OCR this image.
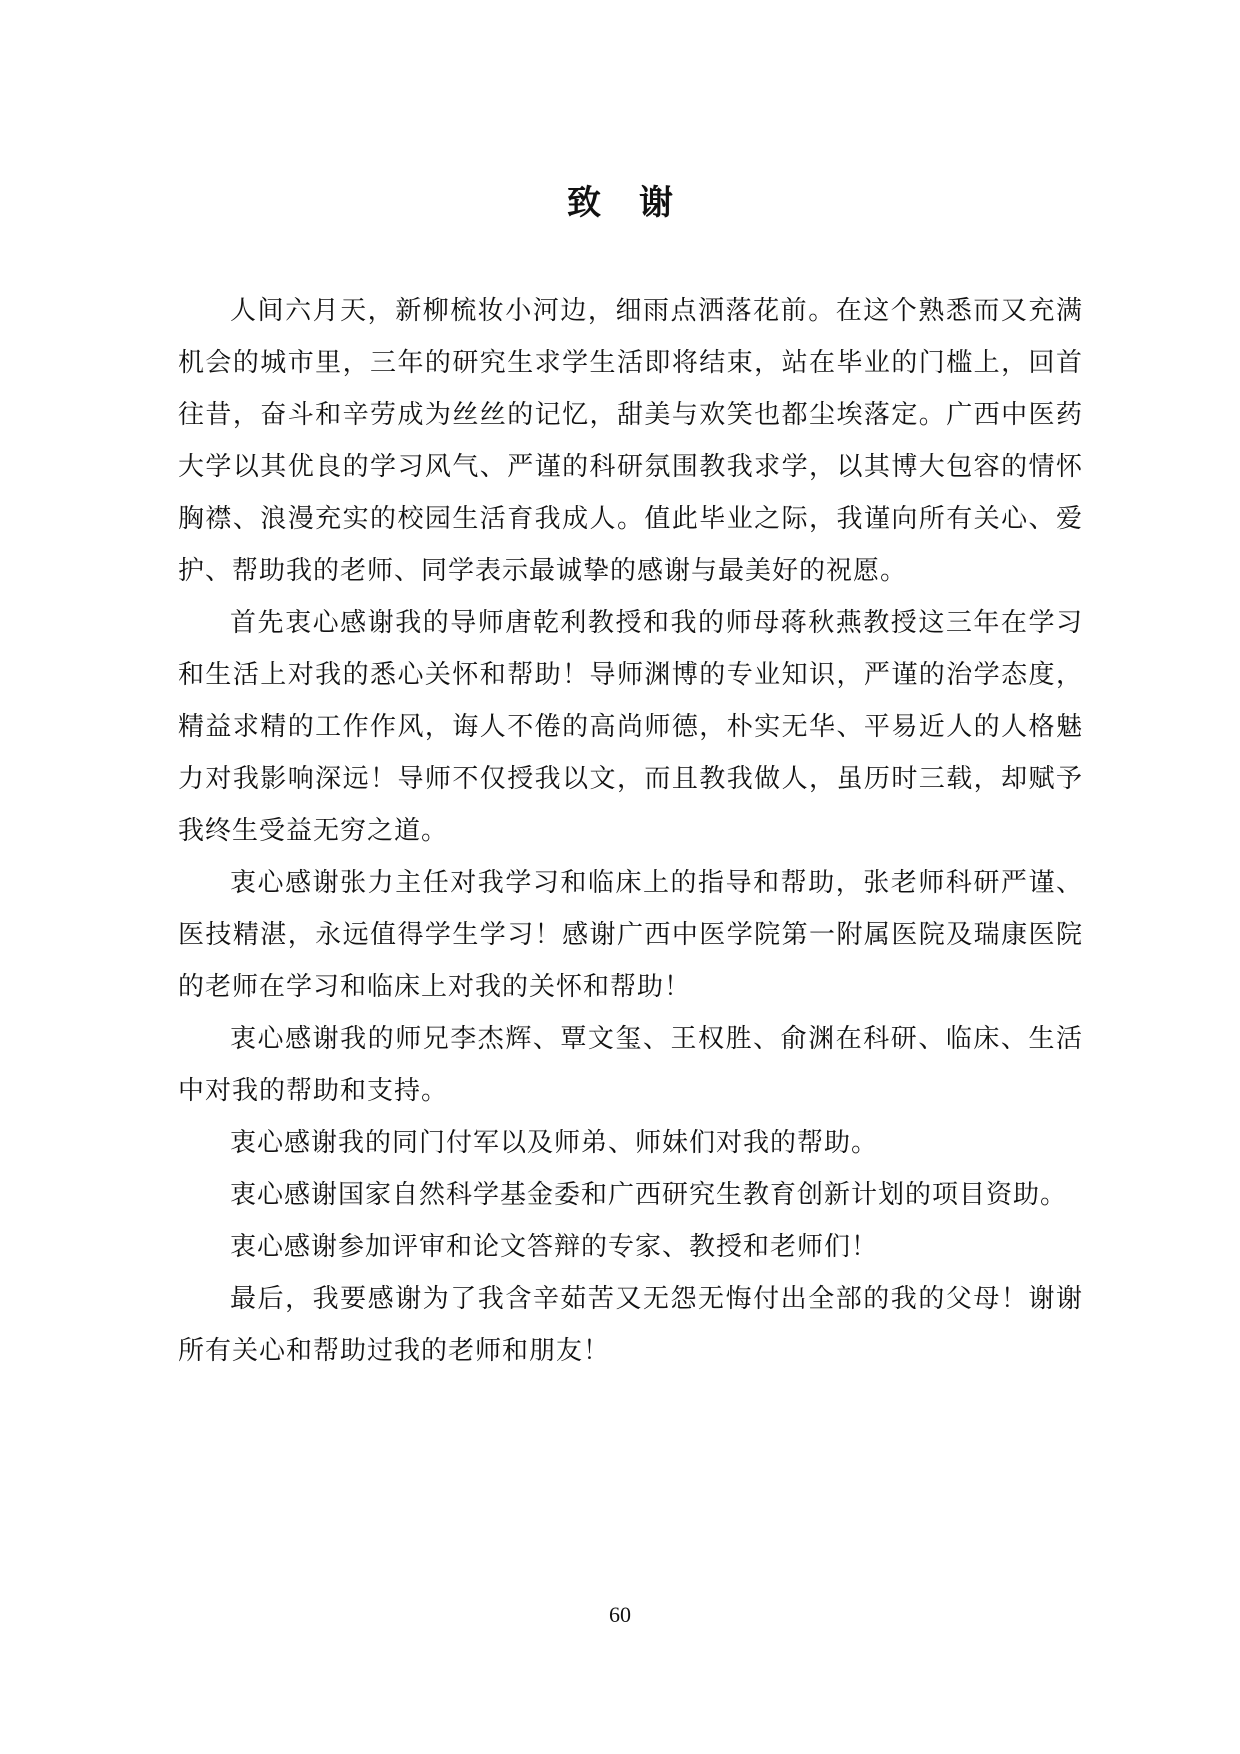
致谢

人间六月天，新柳梳妆小河边，细雨点洒落花前。在这个熟悉而又充满机会的城市里，三年的研究生求学生活即将结束，站在毕业的门槛上，回首往昔，奋斗和辛劳成为丝丝的记忆，甜美与欢笑也都尘埃落定。广西中医药大学以其优良的学习风气、严谨的科研氛围教我求学，以其博大包容的情怀胸襟、浪漫充实的校园生活育我成人。值此毕业之际，我谨向所有关心、爱护、帮助我的老师、同学表示最诚挚的感谢与最美好的祝愿。

首先衷心感谢我的导师唐乾利教授和我的师母蒋秋燕教授这三年在学习和生活上对我的悉心关怀和帮助！导师渊博的专业知识，严谨的治学态度，精益求精的工作作风，诲人不倦的高尚师德，朴实无华、平易近人的人格魅力对我影响深远！导师不仅授我以文，而且教我做人，虽历时三载，却赋予我终生受益无穷之道。

衷心感谢张力主任对我学习和临床上的指导和帮助，张老师科研严谨、医技精湛，永远值得学生学习！感谢广西中医学院第一附属医院及瑞康医院的老师在学习和临床上对我的关怀和帮助！

衷心感谢我的师兄李杰辉、覃文玺、王权胜、俞渊在科研、临床、生活中对我的帮助和支持。

衷心感谢我的同门付军以及师弟、师妹们对我的帮助。

衷心感谢国家自然科学基金委和广西研究生教育创新计划的项目资助。

衷心感谢参加评审和论文答辩的专家、教授和老师们！

最后，我要感谢为了我含辛茹苦又无怨无悔付出全部的我的父母！谢谢所有关心和帮助过我的老师和朋友！

60
